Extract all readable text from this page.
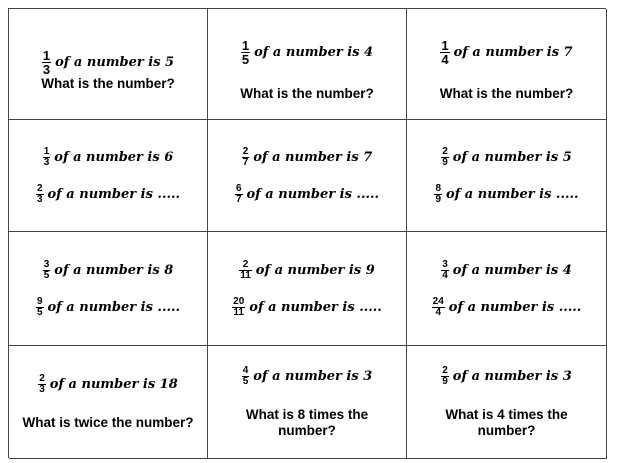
$\frac{1}{3}$ of a number is 5
What is the number?
$\frac{1}{5}$ of a number is 4
What is the number?
$\frac{1}{4}$ of a number is 7
What is the number?
$\frac{1}{3}$ of a number is 6
$\frac{2}{3}$ of a number is .....
$\frac{2}{7}$ of a number is 7
$\frac{6}{7}$ of a number is .....
$\frac{2}{9}$ of a number is 5
$\frac{8}{9}$ of a number is .....
$\frac{3}{5}$ of a number is 8
$\frac{9}{5}$ of a number is .....
$\frac{2}{11}$ of a number is 9
$\frac{20}{11}$ of a number is .....
$\frac{3}{4}$ of a number is 4
$\frac{24}{4}$ of a number is .....
$\frac{2}{3}$ of a number is 18
What is twice the number?
$\frac{4}{5}$ of a number is 3
What is 8 times the number?
$\frac{2}{9}$ of a number is 3
What is 4 times the number?
